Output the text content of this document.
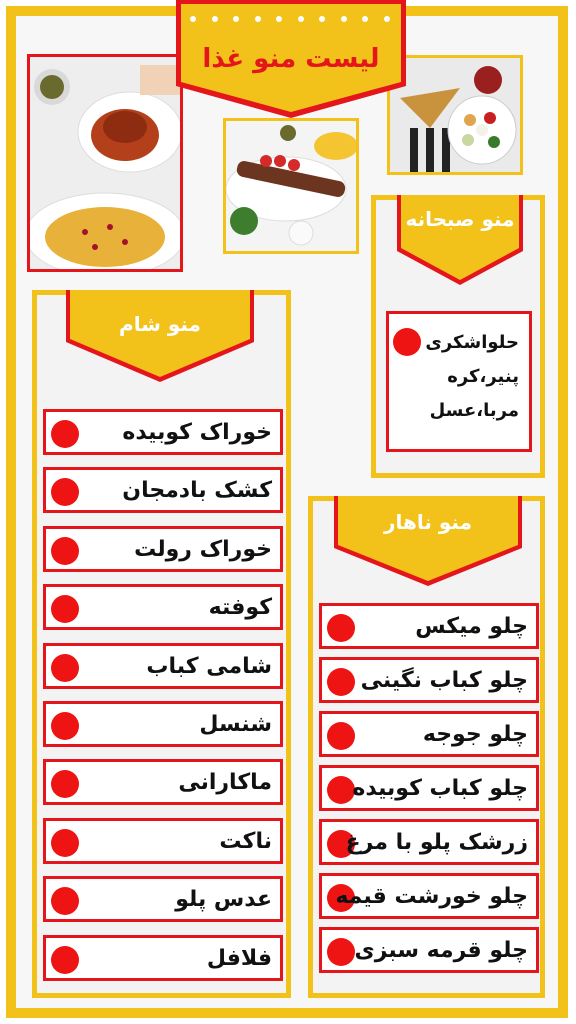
لیست منو غذا
منو صبحانه
حلواشکری
پنیر،کره
مربا،عسل
منو شام
خوراک کوبیده
کشک بادمجان
خوراک رولت
کوفته
شامی کباب
شنسل
ماکارانی
ناکت
عدس پلو
فلافل
منو ناهار
چلو میکس
چلو کباب نگینی
چلو جوجه
چلو کباب کوبیده
زرشک پلو با مرغ
چلو خورشت قیمه
چلو قرمه سبزی
